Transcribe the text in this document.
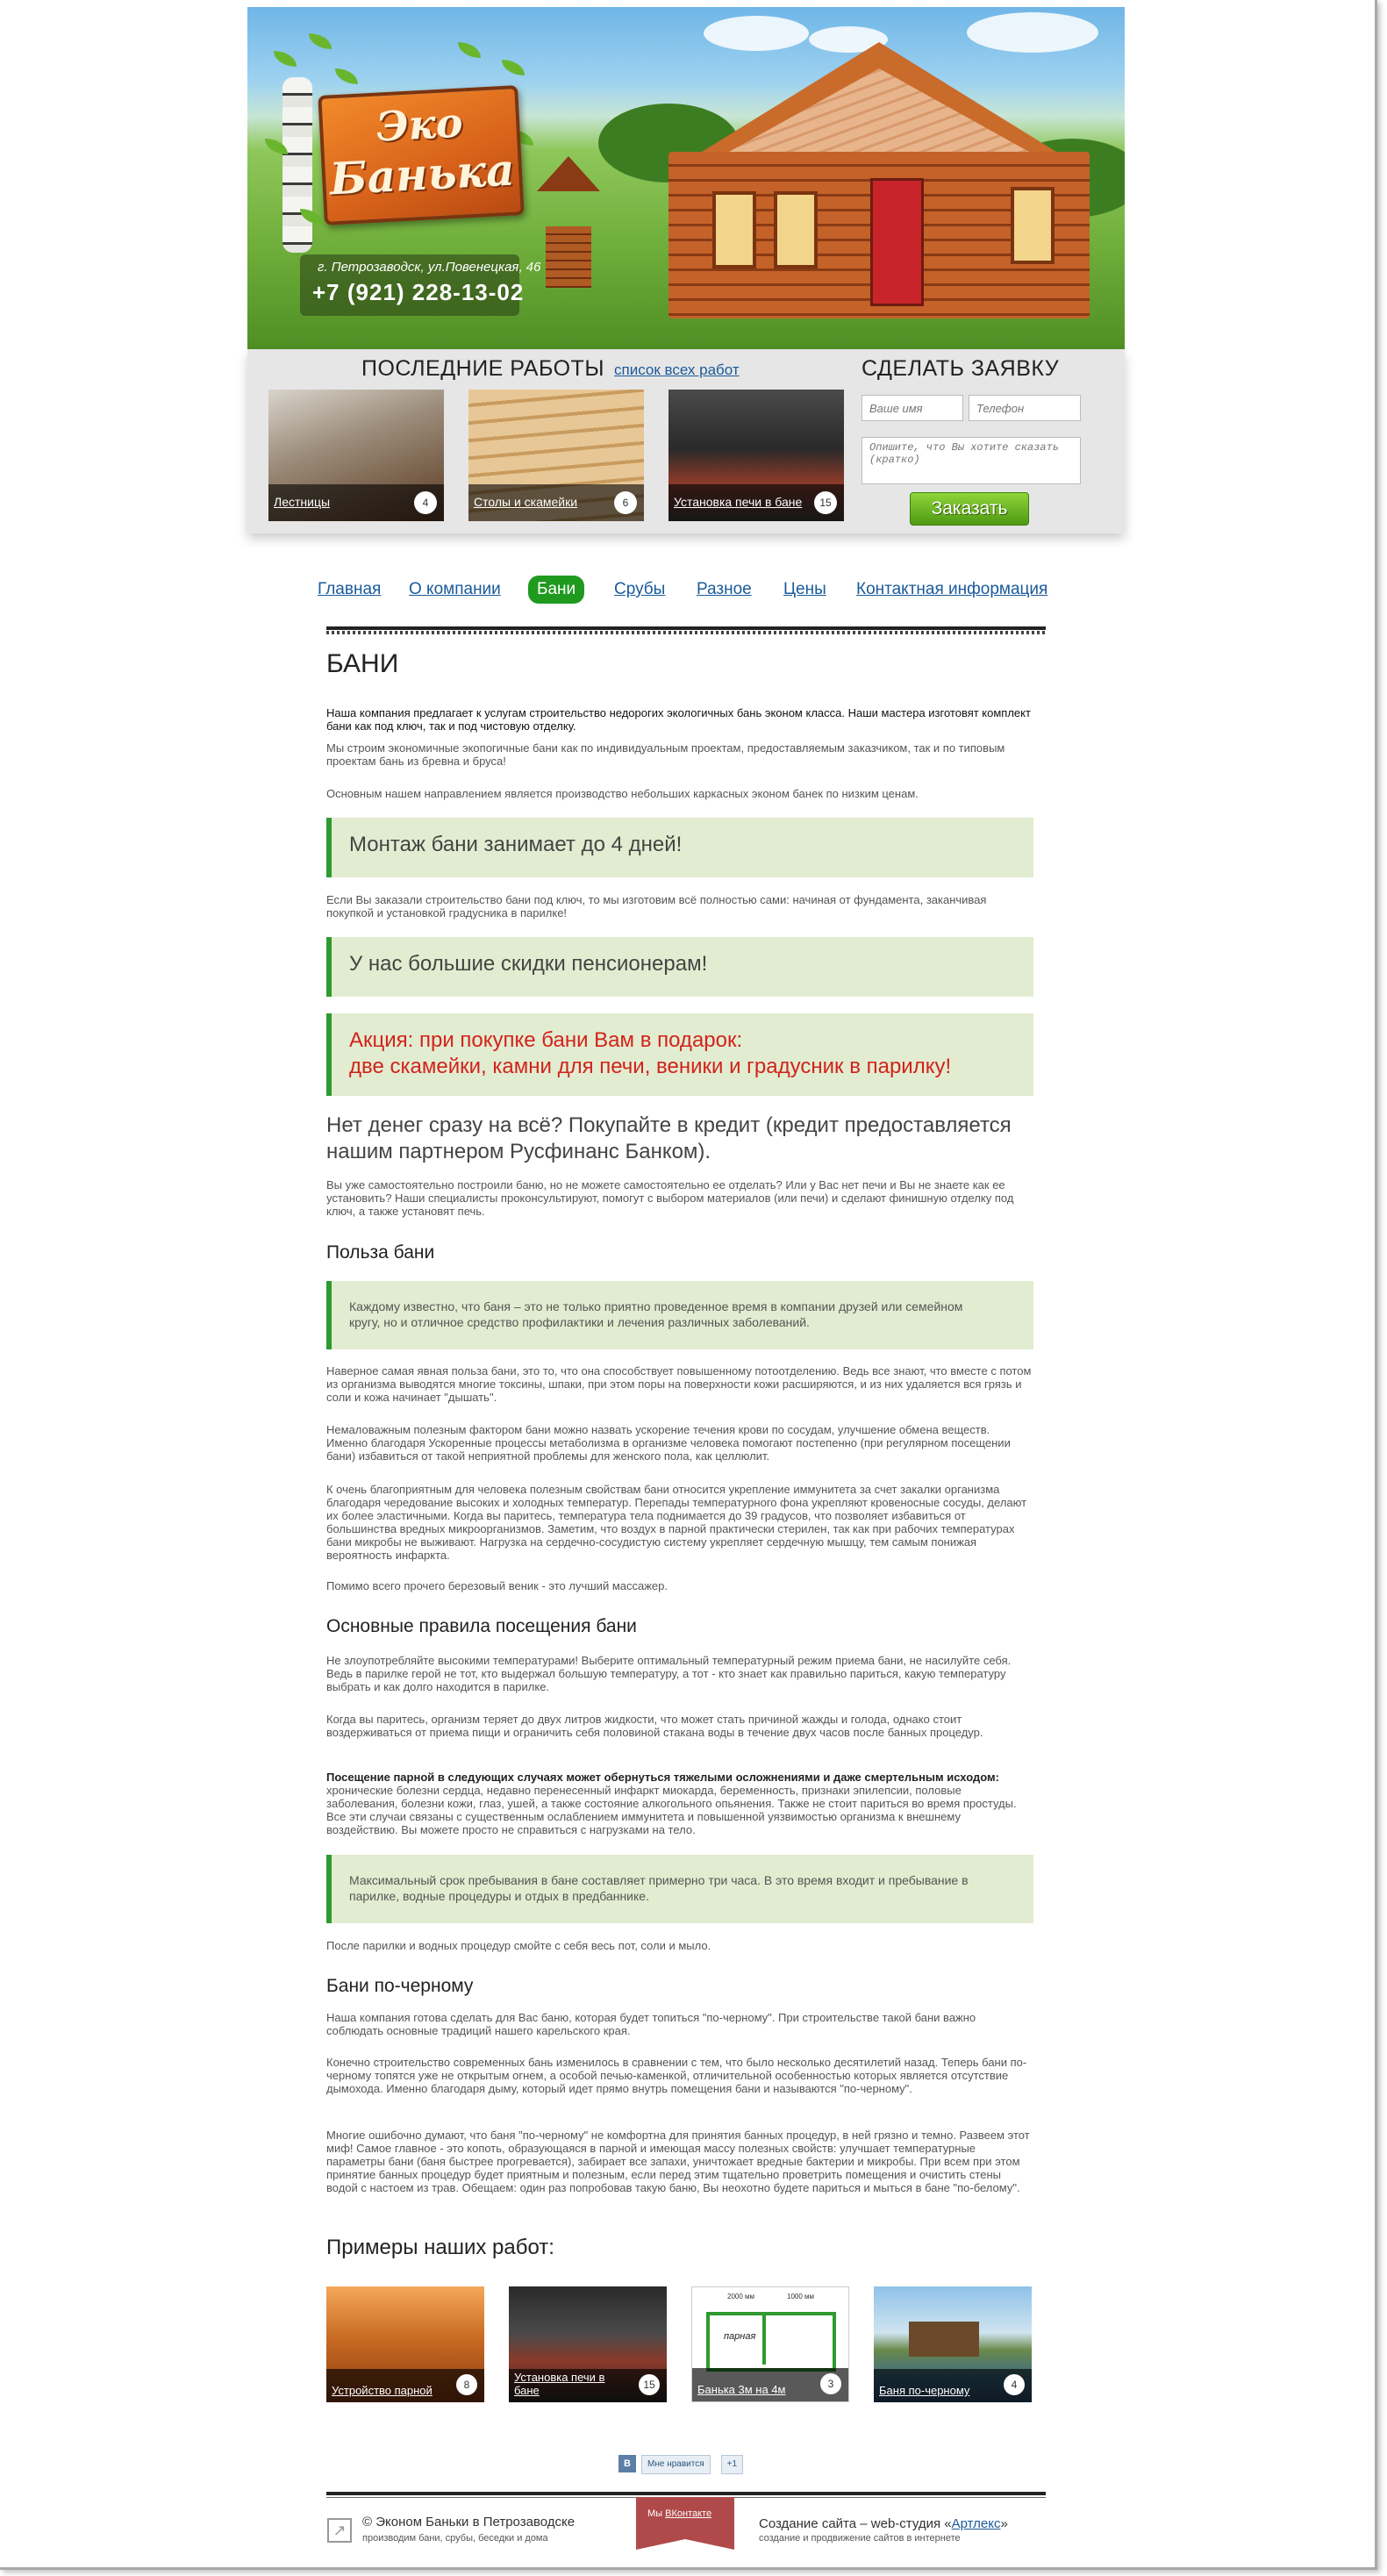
Эко
Банька
г. Петрозаводск, ул.Повенецкая, 46
+7 (921) 228-13-02
ПОСЛЕДНИЕ РАБОТЫ список всех работ
Лестницы	4	Столы и скамейки	6	Установка печи в бане	15
СДЕЛАТЬ ЗАЯВКУ
Ваше имя
Телефон
Опишите, что Вы хотите сказать (кратко)
Заказать
Главная О компании	Бани	Срубы Разное Цены Контактная информация
БАНИ

Наша компания предлагает к услугам строительство недорогих экологичных бань эконом класса. Наши мастера изготовят комплект бани как под ключ, так и под чистовую отделку.

Мы строим экономичные экопогичные бани как по индивидуальным проектам, предоставляемым заказчиком, так и по типовым проектам бань из бревна и бруса!

Основным нашем направлением является производство небольших каркасных эконом банек по низким ценам.

Монтаж бани занимает до 4 дней!

Если Вы заказали строительство бани под ключ, то мы изготовим всё полностью сами: начиная от фундамента, заканчивая покупкой и установкой градусника в парилке!

У нас большие скидки пенсионерам!
Акция: при покупке бани Вам в подарок:
две скамейки, камни для печи, веники и градусник в парилку!
Нет денег сразу на всё? Покупайте в кредит (кредит предоставляется нашим партнером Русфинанс Банком).

Вы уже самостоятельно построили баню, но не можете самостоятельно ее отделать? Или у Вас нет печи и Вы не знаете как ее установить? Наши специалисты проконсультируют, помогут с выбором материалов (или печи) и сделают финишную отделку под ключ, а также установят печь.

Польза бани
Каждому известно, что баня – это не только приятно проведенное время в компании друзей или семейном кругу, но и отличное средство профилактики и лечения различных заболеваний.

Наверное самая явная польза бани, это то, что она способствует повышенному потоотделению. Ведь все знают, что вместе с потом из организма выводятся многие токсины, шпаки, при этом поры на поверхности кожи расширяются, и из них удаляется вся грязь и соли и кожа начинает "дышать".

Немаловажным полезным фактором бани можно назвать ускорение течения крови по сосудам, улучшение обмена веществ. Именно благодаря Ускоренные процессы метаболизма в организме человека помогают постепенно (при регулярном посещении бани) избавиться от такой неприятной проблемы для женского пола, как целлюлит.

К очень благоприятным для человека полезным свойствам бани относится укрепление иммунитета за счет закалки организма благодаря чередование высоких и холодных температур. Перепады температурного фона укрепляют кровеносные сосуды, делают их более эластичными. Когда вы паритесь, температура тела поднимается до 39 градусов, что позволяет избавиться от большинства вредных микроорганизмов. Заметим, что воздух в парной практически стерилен, так как при рабочих температурах бани микробы не выживают. Нагрузка на сердечно-сосудистую систему укрепляет сердечную мышцу, тем самым понижая вероятность инфаркта.

Помимо всего прочего березовый веник - это лучший массажер.

Основные правила посещения бани

Не злоупотребляйте высокими температурами! Выберите оптимальный температурный режим приема бани, не насилуйте себя. Ведь в парилке герой не тот, кто выдержал большую температуру, а тот - кто знает как правильно париться, какую температуру выбрать и как долго находится в парилке.

Когда вы паритесь, организм теряет до двух литров жидкости, что может стать причиной жажды и голода, однако стоит воздерживаться от приема пищи и ограничить себя половиной стакана воды в течение двух часов после банных процедур.

Посещение парной в следующих случаях может обернуться тяжелыми осложнениями и даже смертельным исходом: хронические болезни сердца, недавно перенесенный инфаркт миокарда, беременность, признаки эпилепсии, половые заболевания, болезни кожи, глаз, ушей, а также состояние алкогольного опьянения. Также не стоит париться во время простуды. Все эти случаи связаны с существенным ослаблением иммунитета и повышенной уязвимостью организма к внешнему воздействию. Вы можете просто не справиться с нагрузками на тело.

Максимальный срок пребывания в бане составляет примерно три часа. В это время входит и пребывание в парилке, водные процедуры и отдых в предбаннике.

После парилки и водных процедур смойте с себя весь пот, соли и мыло.

Бани по-черному

Наша компания готова сделать для Вас баню, которая будет топиться "по-черному". При строительстве такой бани важно соблюдать основные традиций нашего карельского края.

Конечно строительство современных бань изменилось в сравнении с тем, что было несколько десятилетий назад. Теперь бани по-черному топятся уже не открытым огнем, а особой печью-каменкой, отличительной особенностью которых является отсутствие дымохода. Именно благодаря дыму, который идет прямо внутрь помещения бани и называются "по-черному".

Многие ошибочно думают, что баня "по-черному" не комфортна для принятия банных процедур, в ней грязно и темно. Развеем этот миф! Самое главное - это копоть, образующаяся в парной и имеющая массу полезных свойств: улучшает температурные параметры бани (баня быстрее прогревается), забирает все запахи, уничтожает вредные бактерии и микробы. При всем при этом принятие банных процедур будет приятным и полезным, если перед этим тщательно проветрить помещения и очистить стены водой с настоем из трав. Обещаем: один раз попробовав такую баню, Вы неохотно будете париться и мыться в бане "по-белому".

Примеры наших работ:
Устройство парной	8
Установка печи в бане	15
парная
2000 мм	1000 мм
Банька 3м на 4м	3	Баня по-черному	4
В	Мне нравится	+1
↗	© Эконом Баньки в Петрозаводске
производим бани, срубы, беседки и дома
Мы ВКонтакте
Создание сайта – web-студия «Артлекс»
создание и продвижение сайтов в интернете
